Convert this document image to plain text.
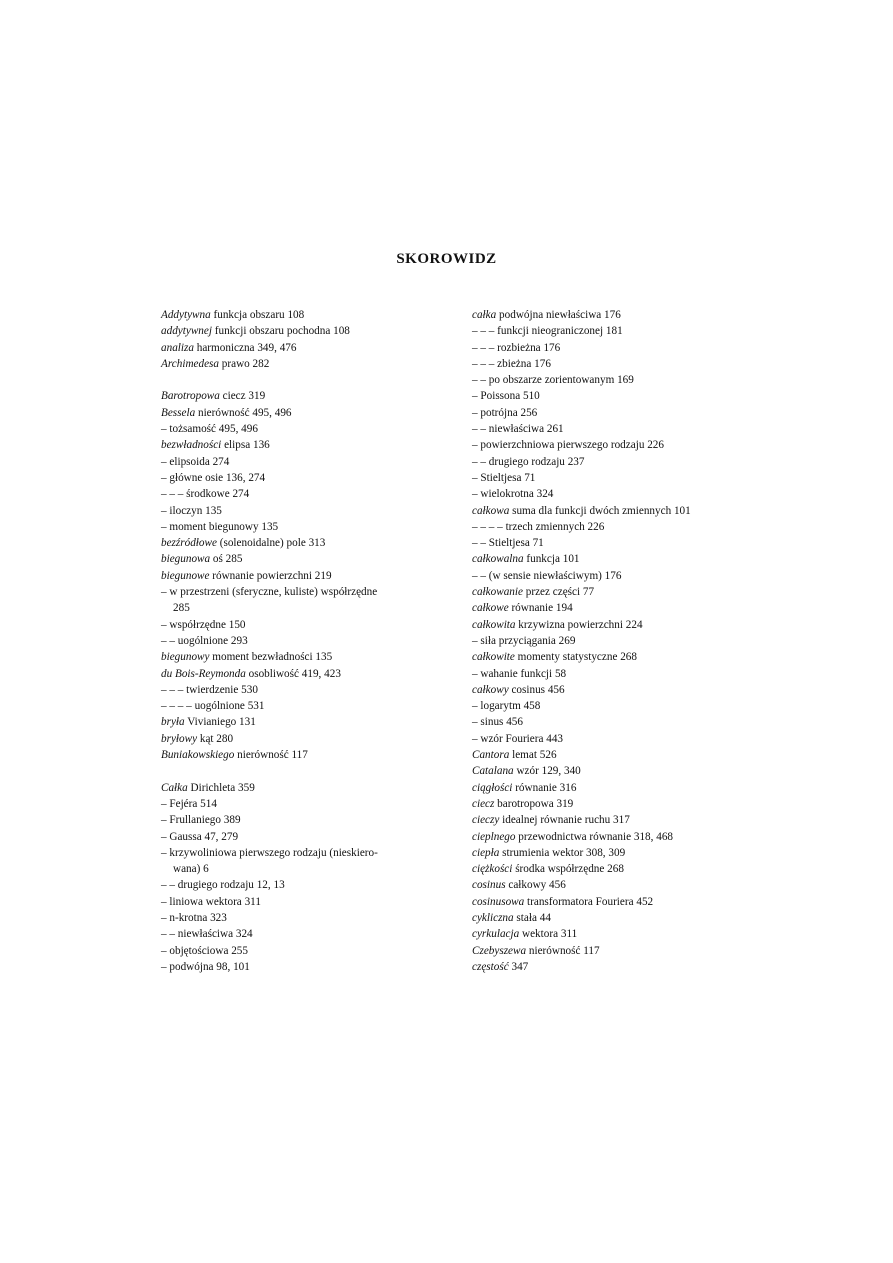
SKOROWIDZ
Addytywna funkcja obszaru 108
addytywnej funkcji obszaru pochodna 108
analiza harmoniczna 349, 476
Archimedesa prawo 282
Barotropowa ciecz 319
Bessela nierówność 495, 496
– tożsamość 495, 496
bezwładności elipsa 136
– elipsoida 274
– główne osie 136, 274
– – – środkowe 274
– iloczyn 135
– moment biegunowy 135
bezźródłowe (solenoidalne) pole 313
biegunowa oś 285
biegunowe równanie powierzchni 219
– w przestrzeni (sferyczne, kuliste) współrzędne
285
– współrzędne 150
– – uogólnione 293
biegunowy moment bezwładności 135
du Bois-Reymonda osobliwość 419, 423
– – – twierdzenie 530
– – – – uogólnione 531
bryła Vivianiego 131
bryłowy kąt 280
Buniakowskiego nierówność 117
Całka Dirichleta 359
– Fejéra 514
– Frullaniego 389
– Gaussa 47, 279
– krzywoliniowa pierwszego rodzaju (nieskiero-
wana) 6
– – drugiego rodzaju 12, 13
– liniowa wektora 311
– n-krotna 323
– – niewłaściwa 324
– objętościowa 255
– podwójna 98, 101
całka podwójna niewłaściwa 176
– – – funkcji nieograniczonej 181
– – – rozbieżna 176
– – – zbieżna 176
– – po obszarze zorientowanym 169
– Poissona 510
– potrójna 256
– – niewłaściwa 261
– powierzchniowa pierwszego rodzaju 226
– – drugiego rodzaju 237
– Stieltjesa 71
– wielokrotna 324
całkowa suma dla funkcji dwóch zmiennych 101
– – – – trzech zmiennych 226
– – Stieltjesa 71
całkowalna funkcja 101
– – (w sensie niewłaściwym) 176
całkowanie przez części 77
całkowe równanie 194
całkowita krzywizna powierzchni 224
– siła przyciągania 269
całkowite momenty statystyczne 268
– wahanie funkcji 58
całkowy cosinus 456
– logarytm 458
– sinus 456
– wzór Fouriera 443
Cantora lemat 526
Catalana wzór 129, 340
ciągłości równanie 316
ciecz barotropowa 319
cieczy idealnej równanie ruchu 317
cieplnego przewodnictwa równanie 318, 468
ciepła strumienia wektor 308, 309
ciężkości środka współrzędne 268
cosinus całkowy 456
cosinusowa transformatora Fouriera 452
cykliczna stała 44
cyrkulacja wektora 311
Czebyszewa nierówność 117
częstość 347
